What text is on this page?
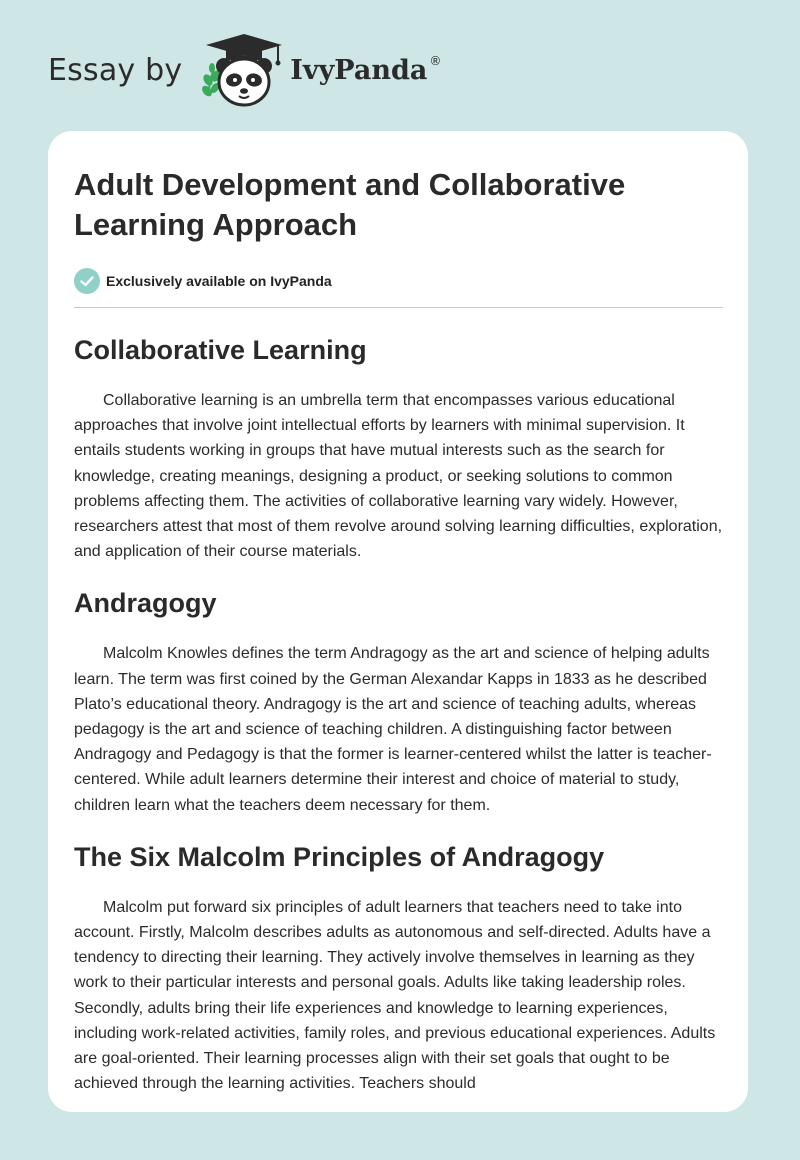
Essay by	IvyPanda ®
Adult Development and Collaborative Learning Approach
Exclusively available on IvyPanda
Collaborative Learning

Collaborative learning is an umbrella term that encompasses various educational approaches that involve joint intellectual efforts by learners with minimal supervision. It entails students working in groups that have mutual interests such as the search for knowledge, creating meanings, designing a product, or seeking solutions to common problems affecting them. The activities of collaborative learning vary widely. However, researchers attest that most of them revolve around solving learning difficulties, exploration, and application of their course materials.

Andragogy

Malcolm Knowles defines the term Andragogy as the art and science of helping adults learn. The term was first coined by the German Alexandar Kapps in 1833 as he described Plato’s educational theory. Andragogy is the art and science of teaching adults, whereas pedagogy is the art and science of teaching children. A distinguishing factor between Andragogy and Pedagogy is that the former is learner-centered whilst the latter is teacher-centered. While adult learners determine their interest and choice of material to study, children learn what the teachers deem necessary for them.

The Six Malcolm Principles of Andragogy

Malcolm put forward six principles of adult learners that teachers need to take into account. Firstly, Malcolm describes adults as autonomous and self-directed. Adults have a tendency to directing their learning. They actively involve themselves in learning as they work to their particular interests and personal goals. Adults like taking leadership roles. Secondly, adults bring their life experiences and knowledge to learning experiences, including work-related activities, family roles, and previous educational experiences. Adults are goal-oriented. Their learning processes align with their set goals that ought to be achieved through the learning activities. Teachers should
